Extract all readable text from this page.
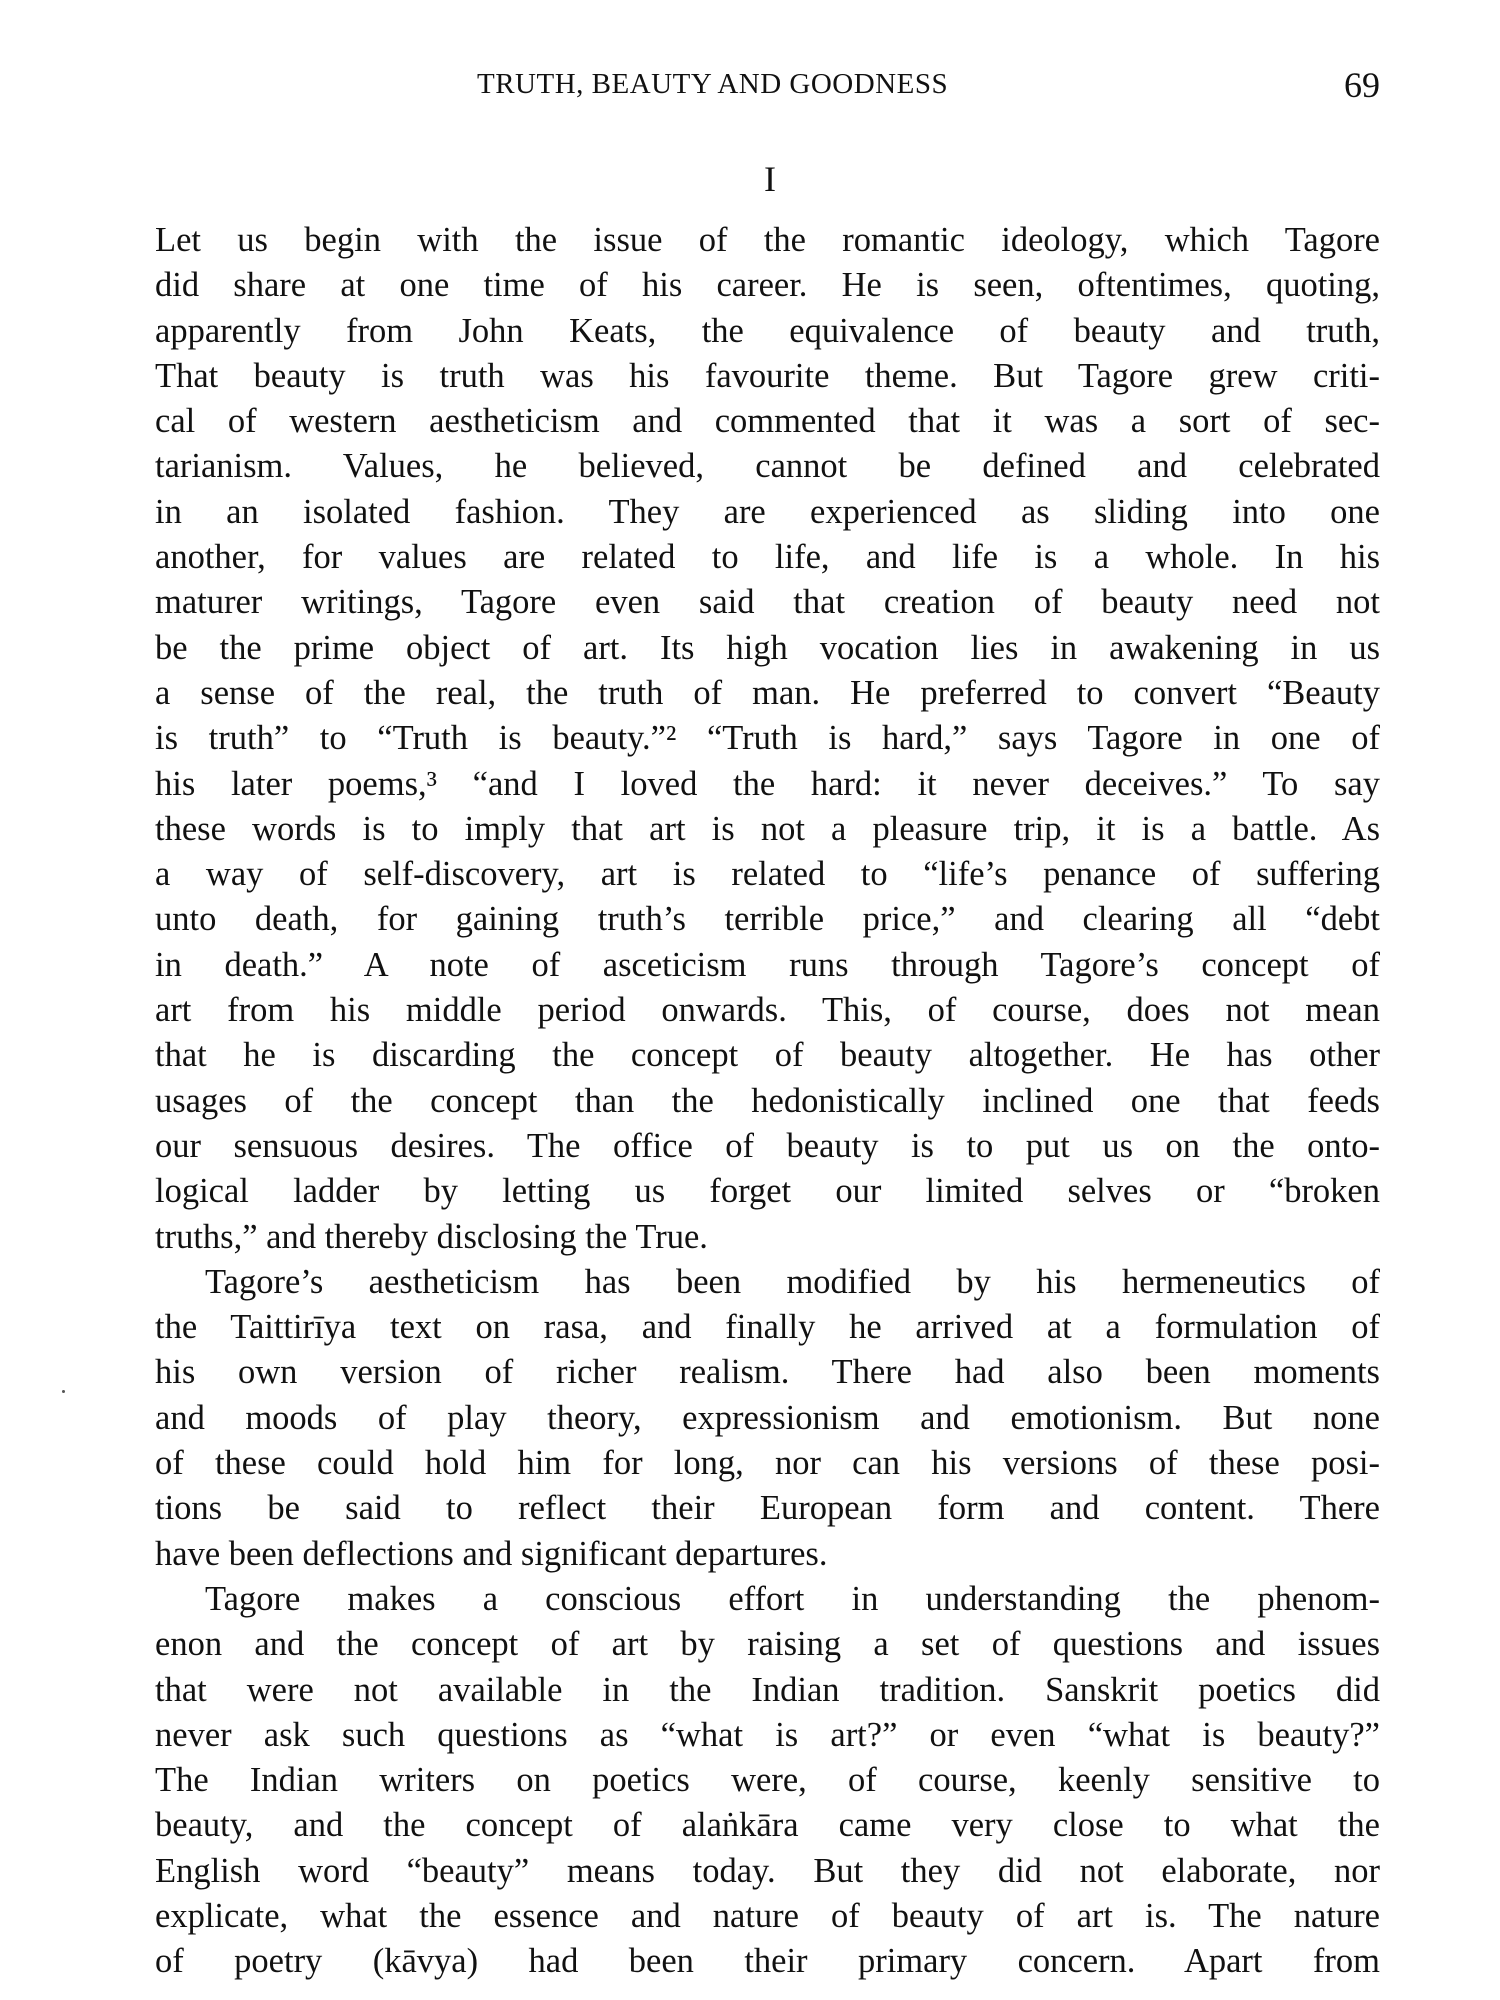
TRUTH, BEAUTY AND GOODNESS	69
I
Let us begin with the issue of the romantic ideology, which Tagore
did share at one time of his career. He is seen, oftentimes, quoting,
apparently from John Keats, the equivalence of beauty and truth,
That beauty is truth was his favourite theme. But Tagore grew criti-
cal of western aestheticism and commented that it was a sort of sec-
tarianism. Values, he believed, cannot be defined and celebrated
in an isolated fashion. They are experienced as sliding into one
another, for values are related to life, and life is a whole. In his
maturer writings, Tagore even said that creation of beauty need not
be the prime object of art. Its high vocation lies in awakening in us
a sense of the real, the truth of man. He preferred to convert “Beauty
is truth” to “Truth is beauty.”² “Truth is hard,” says Tagore in one of
his later poems,³ “and I loved the hard: it never deceives.” To say
these words is to imply that art is not a pleasure trip, it is a battle. As
a way of self-discovery, art is related to “life’s penance of suffering
unto death, for gaining truth’s terrible price,” and clearing all “debt
in death.” A note of asceticism runs through Tagore’s concept of
art from his middle period onwards. This, of course, does not mean
that he is discarding the concept of beauty altogether. He has other
usages of the concept than the hedonistically inclined one that feeds
our sensuous desires. The office of beauty is to put us on the onto-
logical ladder by letting us forget our limited selves or “broken
truths,” and thereby disclosing the True.
Tagore’s aestheticism has been modified by his hermeneutics of
the Taittirīya text on rasa, and finally he arrived at a formulation of
his own version of richer realism. There had also been moments
and moods of play theory, expressionism and emotionism. But none
of these could hold him for long, nor can his versions of these posi-
tions be said to reflect their European form and content. There
have been deflections and significant departures.
Tagore makes a conscious effort in understanding the phenom-
enon and the concept of art by raising a set of questions and issues
that were not available in the Indian tradition. Sanskrit poetics did
never ask such questions as “what is art?” or even “what is beauty?”
The Indian writers on poetics were, of course, keenly sensitive to
beauty, and the concept of alaṅkāra came very close to what the
English word “beauty” means today. But they did not elaborate, nor
explicate, what the essence and nature of beauty of art is. The nature
of poetry (kāvya) had been their primary concern. Apart from
